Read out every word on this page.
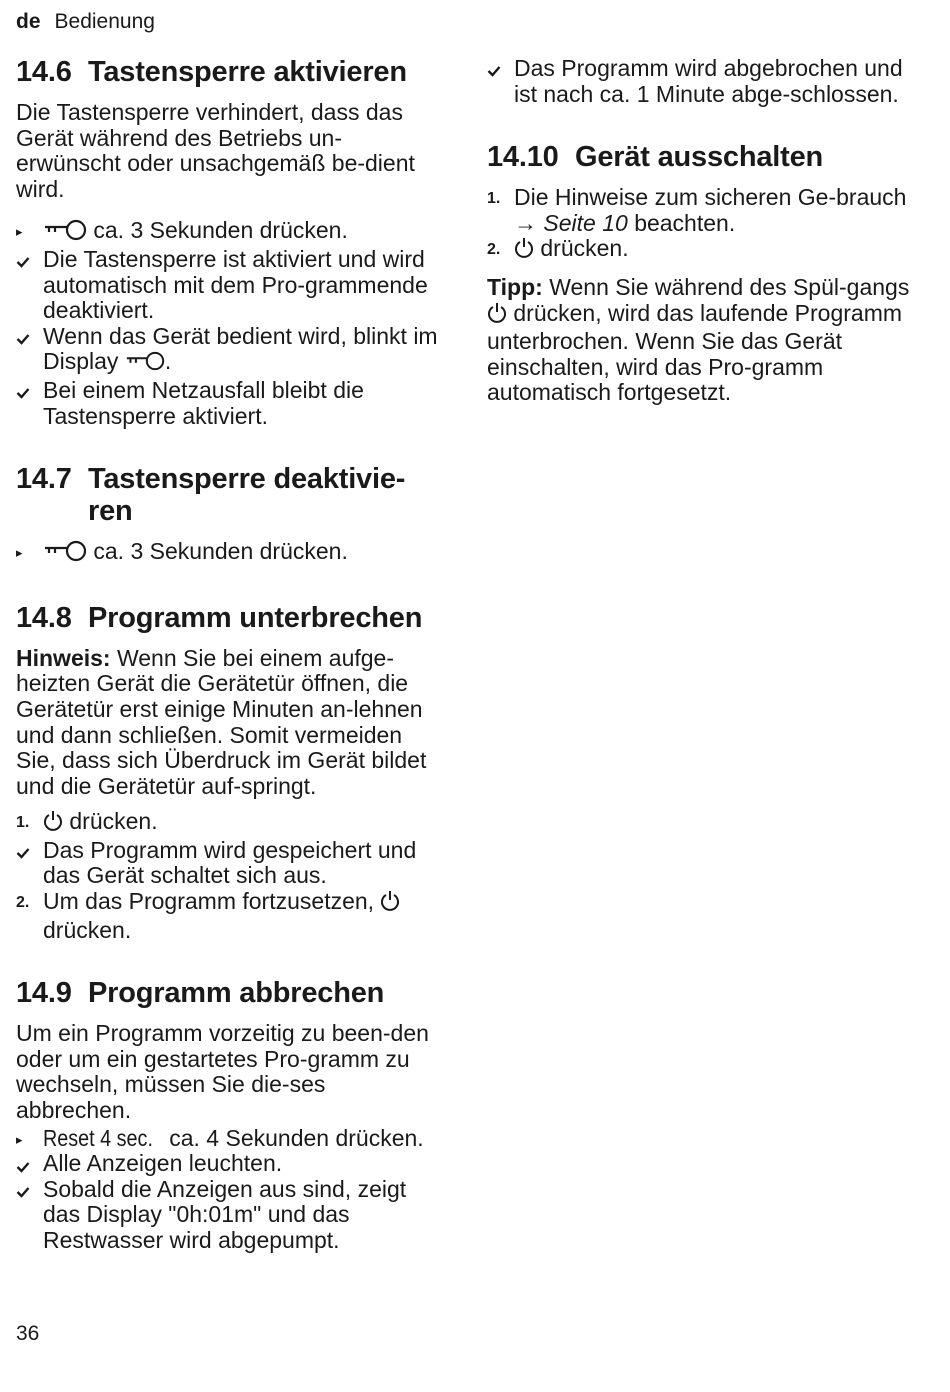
de Bedienung
14.6 Tastensperre aktivieren

Die Tastensperre verhindert, dass das Gerät während des Betriebs un-erwünscht oder unsachgemäß be-dient wird.

▸	ca. 3 Sekunden drücken.
Die Tastensperre ist aktiviert und wird automatisch mit dem Pro-grammende deaktiviert.
Wenn das Gerät bedient wird, blinkt im Display .
Bei einem Netzausfall bleibt die Tastensperre aktiviert.
14.7 Tastensperre deaktivie-ren
▸	ca. 3 Sekunden drücken.
14.8 Programm unterbrechen

Hinweis: Wenn Sie bei einem aufge-heizten Gerät die Gerätetür öffnen, die Gerätetür erst einige Minuten an-lehnen und dann schließen. Somit vermeiden Sie, dass sich Überdruck im Gerät bildet und die Gerätetür auf-springt.

1.	drücken.
Das Programm wird gespeichert und das Gerät schaltet sich aus.
2. Um das Programm fortzusetzen,  drücken.
14.9 Programm abbrechen

Um ein Programm vorzeitig zu been-den oder um ein gestartetes Pro-gramm zu wechseln, müssen Sie die-ses abbrechen.

▸ Reset 4 sec. ca. 4 Sekunden drücken.
Alle Anzeigen leuchten.
Sobald die Anzeigen aus sind, zeigt das Display "0h:01m" und das Restwasser wird abgepumpt.
Das Programm wird abgebrochen und ist nach ca. 1 Minute abge-schlossen.
14.10 Gerät ausschalten
1. Die Hinweise zum sicheren Ge-brauch → Seite 10 beachten.
2.	drücken.

Tipp: Wenn Sie während des Spül-gangs  drücken, wird das laufende Programm unterbrochen. Wenn Sie das Gerät einschalten, wird das Pro-gramm automatisch fortgesetzt.

36
